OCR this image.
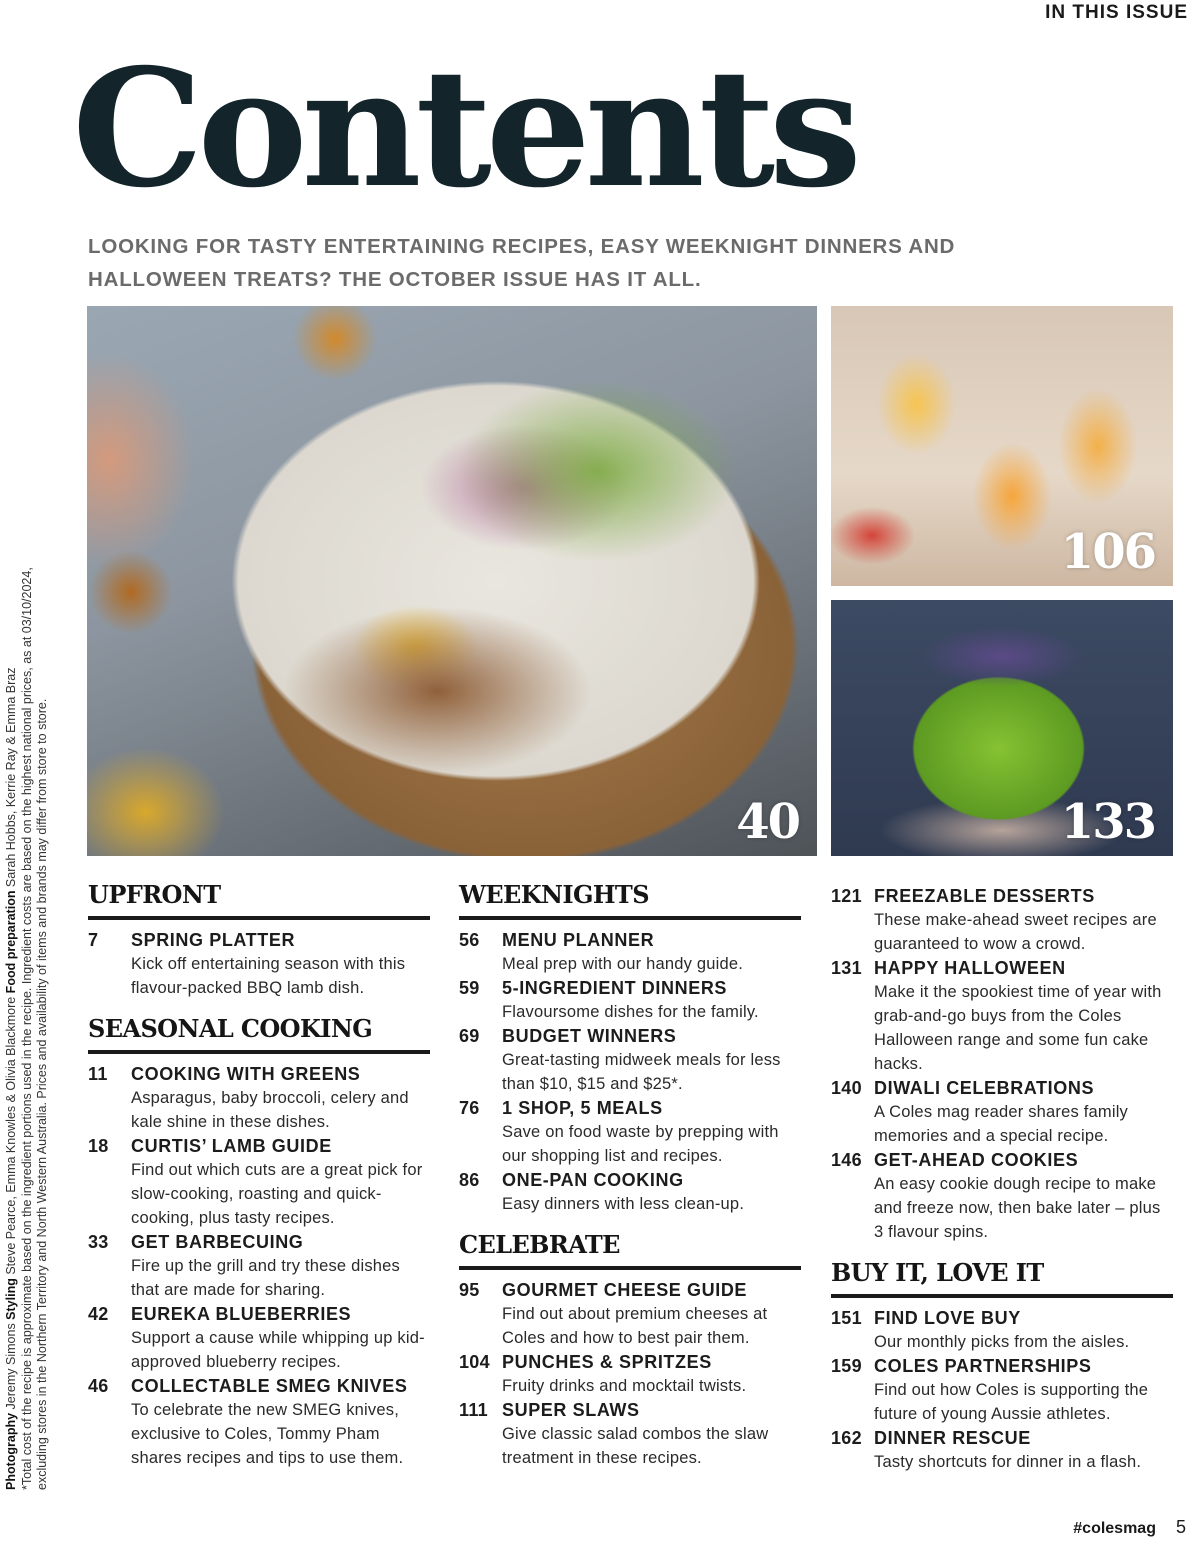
IN THIS ISSUE
Contents

LOOKING FOR TASTY ENTERTAINING RECIPES, EASY WEEKNIGHT DINNERS AND HALLOWEEN TREATS? THE OCTOBER ISSUE HAS IT ALL.

40
106
133
Photography Jeremy Simons Styling Steve Pearce, Emma Knowles & Olivia Blackmore Food preparation Sarah Hobbs, Kerrie Ray & Emma Braz *Total cost of the recipe is approximate based on the ingredient portions used in the recipe. Ingredient costs are based on the highest national prices, as at 03/10/2024, excluding stores in the Northern Territory and North Western Australia. Prices and availability of items and brands may differ from store to store. UPFRONT
7	SPRING PLATTER
Kick off entertaining season with this flavour-packed BBQ lamb dish.
SEASONAL COOKING
11	COOKING WITH GREENS
Asparagus, baby broccoli, celery and kale shine in these dishes.
18	CURTIS’ LAMB GUIDE
Find out which cuts are a great pick for slow-cooking, roasting and quick-cooking, plus tasty recipes.
33	GET BARBECUING
Fire up the grill and try these dishes that are made for sharing.
42	EUREKA BLUEBERRIES
Support a cause while whipping up kid-approved blueberry recipes.
46	COLLECTABLE SMEG KNIVES
To celebrate the new SMEG knives, exclusive to Coles, Tommy Pham shares recipes and tips to use them.
WEEKNIGHTS
56	MENU PLANNER
Meal prep with our handy guide.
59	5-INGREDIENT DINNERS
Flavoursome dishes for the family.
69	BUDGET WINNERS
Great-tasting midweek meals for less than $10, $15 and $25*.
76	1 SHOP, 5 MEALS
Save on food waste by prepping with our shopping list and recipes.
86	ONE-PAN COOKING
Easy dinners with less clean-up.
CELEBRATE
95	GOURMET CHEESE GUIDE
Find out about premium cheeses at Coles and how to best pair them.
104 PUNCHES & SPRITZES
Fruity drinks and mocktail twists.
111 SUPER SLAWS
Give classic salad combos the slaw treatment in these recipes.
121 FREEZABLE DESSERTS
These make-ahead sweet recipes are guaranteed to wow a crowd.
131 HAPPY HALLOWEEN
Make it the spookiest time of year with grab-and-go buys from the Coles Halloween range and some fun cake hacks.
140 DIWALI CELEBRATIONS
A Coles mag reader shares family memories and a special recipe.
146 GET-AHEAD COOKIES
An easy cookie dough recipe to make and freeze now, then bake later – plus 3 flavour spins.
BUY IT, LOVE IT
151 FIND LOVE BUY
Our monthly picks from the aisles.
159 COLES PARTNERSHIPS
Find out how Coles is supporting the future of young Aussie athletes.
162 DINNER RESCUE
Tasty shortcuts for dinner in a flash.
#colesmag 5
